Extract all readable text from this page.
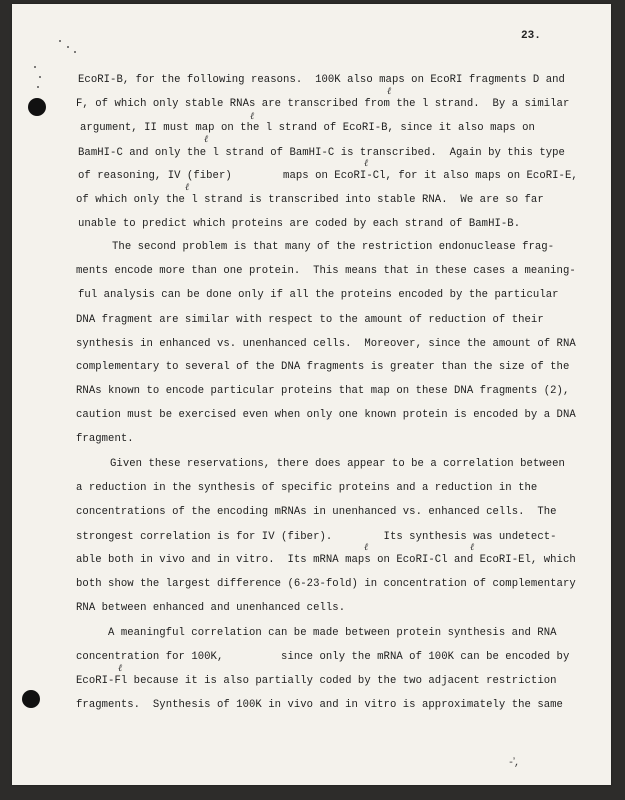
23.
EcoRI-B, for the following reasons.  100K also maps on EcoRI fragments D and
F, of which only stable RNAs are transcribed from the l strand.  By a similar
argument, II must map on the l strand of EcoRI-B, since it also maps on
BamHI-C and only the l strand of BamHI-C is transcribed.  Again by this type
of reasoning, IV (fiber)        maps on EcoRI-Cl, for it also maps on EcoRI-E,
of which only the l strand is transcribed into stable RNA.  We are so far
unable to predict which proteins are coded by each strand of BamHI-B.
The second problem is that many of the restriction endonuclease frag-
ments encode more than one protein.  This means that in these cases a meaning-
ful analysis can be done only if all the proteins encoded by the particular
DNA fragment are similar with respect to the amount of reduction of their
synthesis in enhanced vs. unenhanced cells.  Moreover, since the amount of RNA
complementary to several of the DNA fragments is greater than the size of the
RNAs known to encode particular proteins that map on these DNA fragments (2),
caution must be exercised even when only one known protein is encoded by a DNA
fragment.
Given these reservations, there does appear to be a correlation between
a reduction in the synthesis of specific proteins and a reduction in the
concentrations of the encoding mRNAs in unenhanced vs. enhanced cells.  The
strongest correlation is for IV (fiber).        Its synthesis was undetect-
able both in vivo and in vitro.  Its mRNA maps on EcoRI-Cl and EcoRI-El, which
both show the largest difference (6-23-fold) in concentration of complementary
RNA between enhanced and unenhanced cells.
A meaningful correlation can be made between protein synthesis and RNA
concentration for 100K,         since only the mRNA of 100K can be encoded by
EcoRI-Fl because it is also partially coded by the two adjacent restriction
fragments.  Synthesis of 100K in vivo and in vitro is approximately the same
ℓ
ℓ
ℓ
ℓ
ℓ
ℓ	ℓ
ℓ
-̓,
